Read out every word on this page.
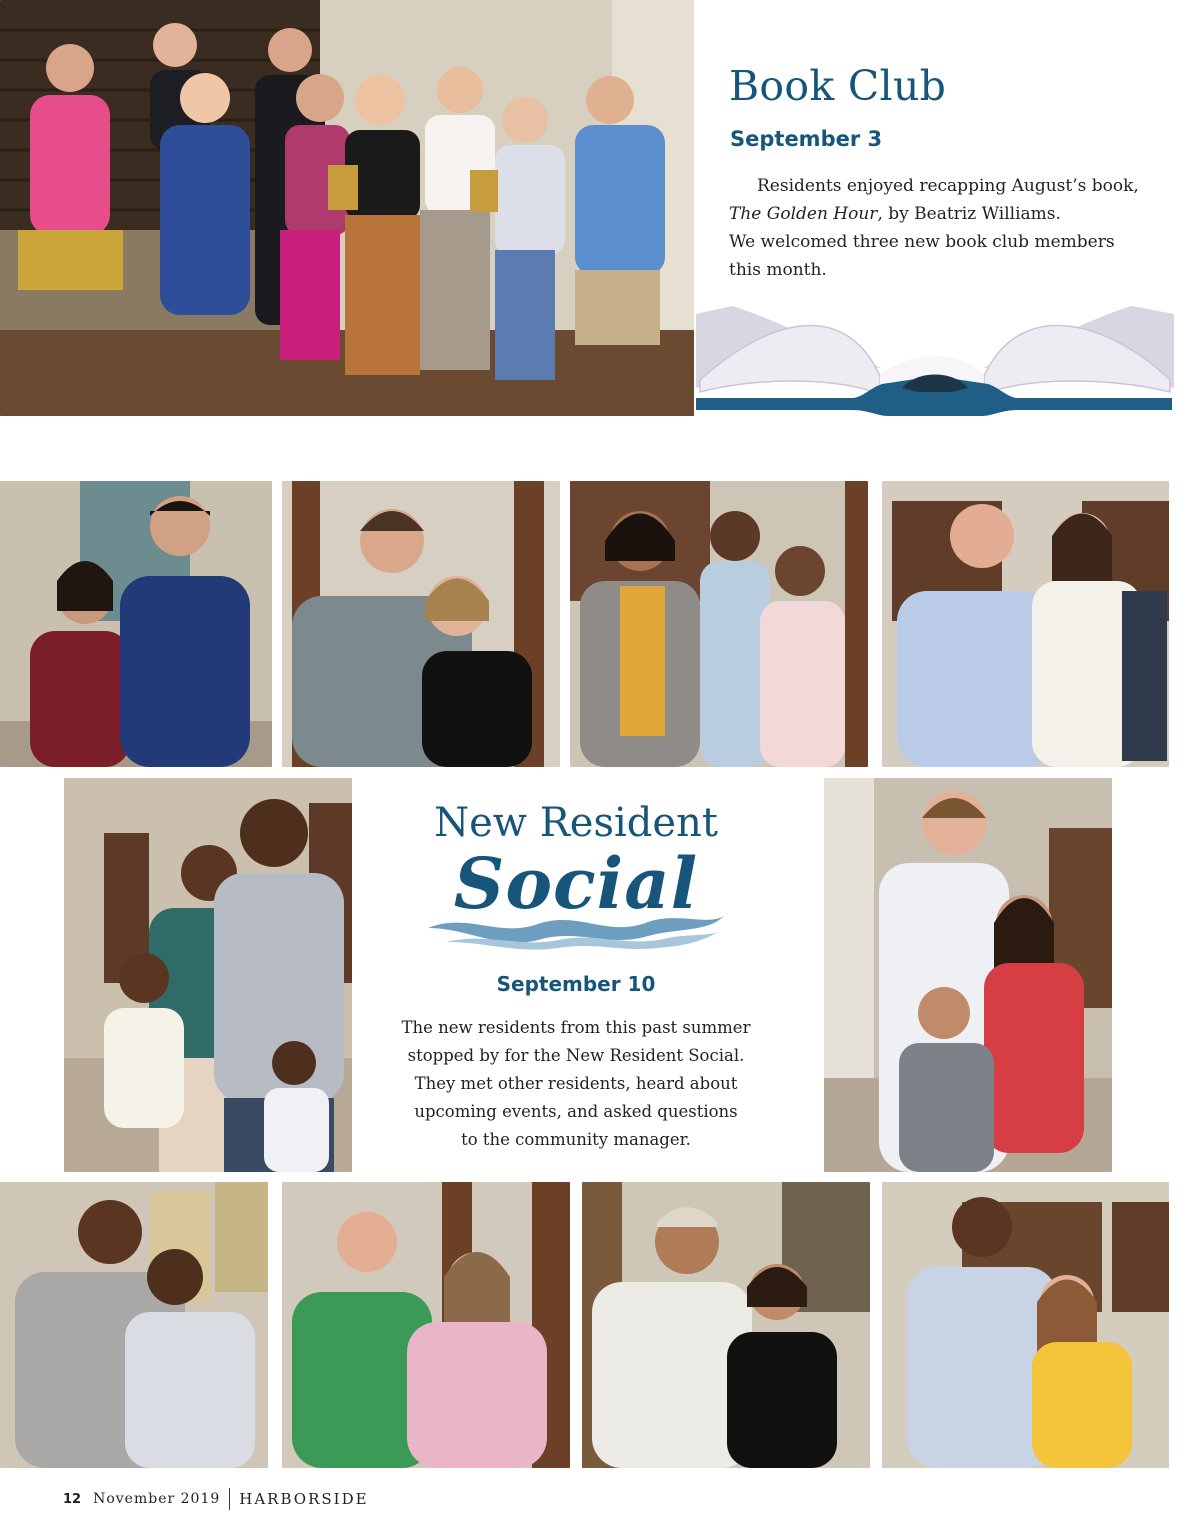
Book Club
September 3
Residents enjoyed recapping August’s book,
The Golden Hour, by Beatriz Williams.
We welcomed three new book club members
this month.
New Resident
Social
September 10
The new residents from this past summer
stopped by for the New Resident Social.
They met other residents, heard about
upcoming events, and asked questions
to the community manager.
12 November 2019 HARBORSIDE
